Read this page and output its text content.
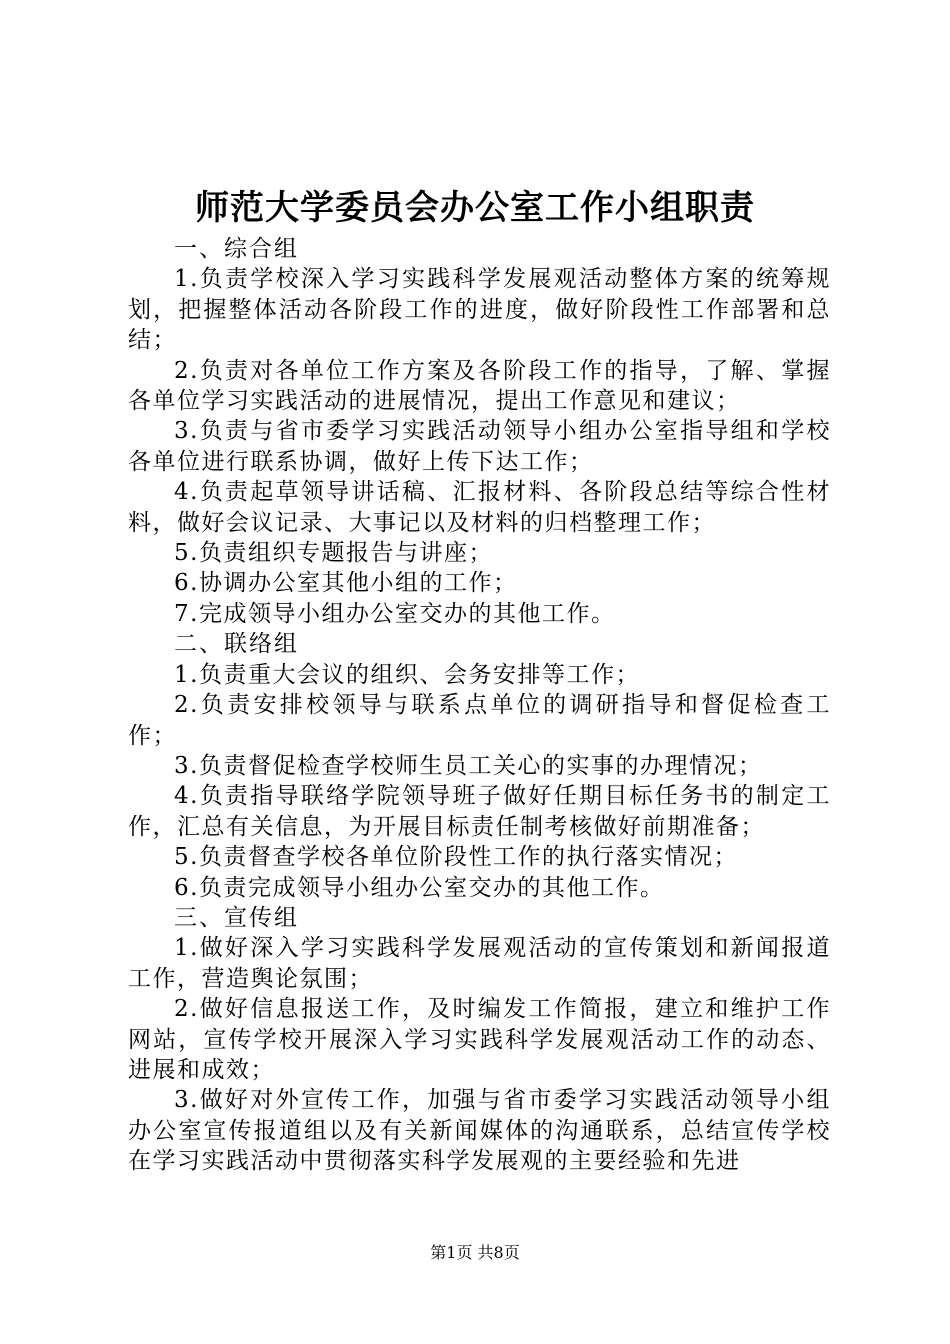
师范大学委员会办公室工作小组职责

一、综合组

1.负责学校深入学习实践科学发展观活动整体方案的统筹规划，把握整体活动各阶段工作的进度，做好阶段性工作部署和总结；

2.负责对各单位工作方案及各阶段工作的指导，了解、掌握各单位学习实践活动的进展情况，提出工作意见和建议；

3.负责与省市委学习实践活动领导小组办公室指导组和学校各单位进行联系协调，做好上传下达工作；

4.负责起草领导讲话稿、汇报材料、各阶段总结等综合性材料，做好会议记录、大事记以及材料的归档整理工作；

5.负责组织专题报告与讲座；

6.协调办公室其他小组的工作；

7.完成领导小组办公室交办的其他工作。

二、联络组

1.负责重大会议的组织、会务安排等工作；

2.负责安排校领导与联系点单位的调研指导和督促检查工作；

3.负责督促检查学校师生员工关心的实事的办理情况；

4.负责指导联络学院领导班子做好任期目标任务书的制定工作，汇总有关信息，为开展目标责任制考核做好前期准备；

5.负责督查学校各单位阶段性工作的执行落实情况；

6.负责完成领导小组办公室交办的其他工作。

三、宣传组

1.做好深入学习实践科学发展观活动的宣传策划和新闻报道工作，营造舆论氛围；

2.做好信息报送工作，及时编发工作简报，建立和维护工作网站，宣传学校开展深入学习实践科学发展观活动工作的动态、进展和成效；

3.做好对外宣传工作，加强与省市委学习实践活动领导小组办公室宣传报道组以及有关新闻媒体的沟通联系，总结宣传学校在学习实践活动中贯彻落实科学发展观的主要经验和先进

第1页 共8页
